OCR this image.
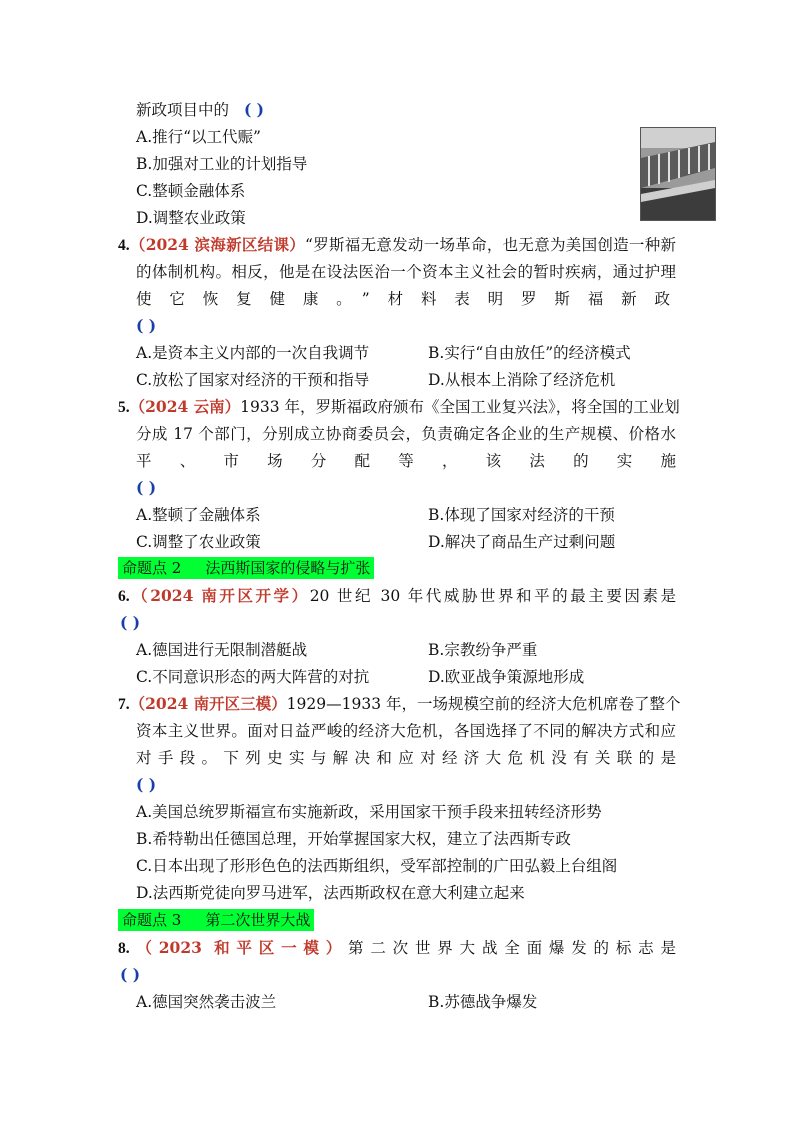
新政项目中的 ( )
A.推行“以工代赈”
B.加强对工业的计划指导
C.整顿金融体系
D.调整农业政策
4.（2024 滨海新区结课）“罗斯福无意发动一场革命，也无意为美国创造一种新
的体制机构。相反，他是在设法医治一个资本主义社会的暂时疾病，通过护理
使它恢复健康。”材料表明罗斯福新政
( )
A.是资本主义内部的一次自我调节	B.实行“自由放任”的经济模式
C.放松了国家对经济的干预和指导	D.从根本上消除了经济危机
5.（2024 云南）1933 年，罗斯福政府颁布《全国工业复兴法》，将全国的工业划
分成 17 个部门，分别成立协商委员会，负责确定各企业的生产规模、价格水
平、市场分配等，该法的实施
( )
A.整顿了金融体系	B.体现了国家对经济的干预
C.调整了农业政策	D.解决了商品生产过剩问题
命题点 2 法西斯国家的侵略与扩张
6.（2024 南开区开学）20 世纪 30 年代威胁世界和平的最主要因素是
( )
A.德国进行无限制潜艇战	B.宗教纷争严重
C.不同意识形态的两大阵营的对抗	D.欧亚战争策源地形成
7.（2024 南开区三模）1929—1933 年，一场规模空前的经济大危机席卷了整个
资本主义世界。面对日益严峻的经济大危机，各国选择了不同的解决方式和应
对手段。下列史实与解决和应对经济大危机没有关联的是
( )
A.美国总统罗斯福宣布实施新政，采用国家干预手段来扭转经济形势
B.希特勒出任德国总理，开始掌握国家大权，建立了法西斯专政
C.日本出现了形形色色的法西斯组织，受军部控制的广田弘毅上台组阁
D.法西斯党徒向罗马进军，法西斯政权在意大利建立起来
命题点 3 第二次世界大战
8.（2023 和平区一模）第二次世界大战全面爆发的标志是
( )
A.德国突然袭击波兰	B.苏德战争爆发
